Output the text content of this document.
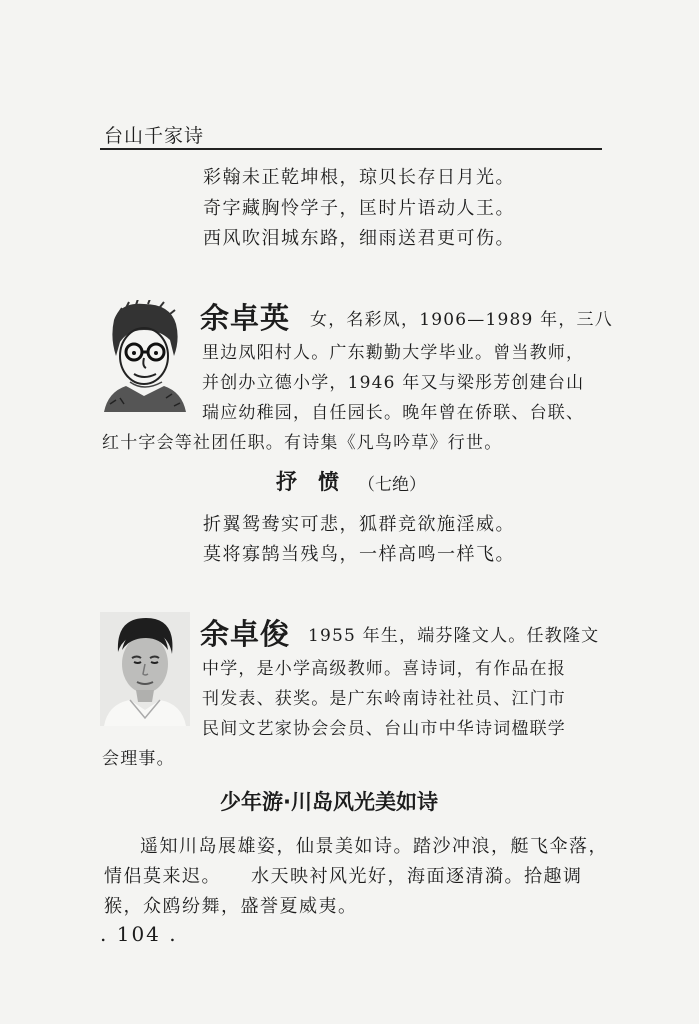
台山千家诗
彩翰未正乾坤根，琼贝长存日月光。
奇字藏胸怜学子，匡时片语动人王。
西风吹泪城东路，细雨送君更可伤。
余卓英 女，名彩凤，1906—1989 年，三八
里边凤阳村人。广东勷勤大学毕业。曾当教师，
并创办立德小学，1946 年又与梁彤芳创建台山
瑞应幼稚园，自任园长。晚年曾在侨联、台联、
红十字会等社团任职。有诗集《凡鸟吟草》行世。
抒　愤 （七绝）
折翼鸳鸯实可悲，狐群竞欲施淫威。
莫将寡鹄当残鸟，一样高鸣一样飞。
余卓俊 1955 年生，端芬隆文人。任教隆文
中学，是小学高级教师。喜诗词，有作品在报
刊发表、获奖。是广东岭南诗社社员、江门市
民间文艺家协会会员、台山市中华诗词楹联学
会理事。
少年游·川岛风光美如诗
遥知川岛展雄姿，仙景美如诗。踏沙冲浪，艇飞伞落，
情侣莫来迟。　　水天映衬风光好，海面逐清漪。拾趣调
猴，众鸥纷舞，盛誉夏威夷。
. 104 .
